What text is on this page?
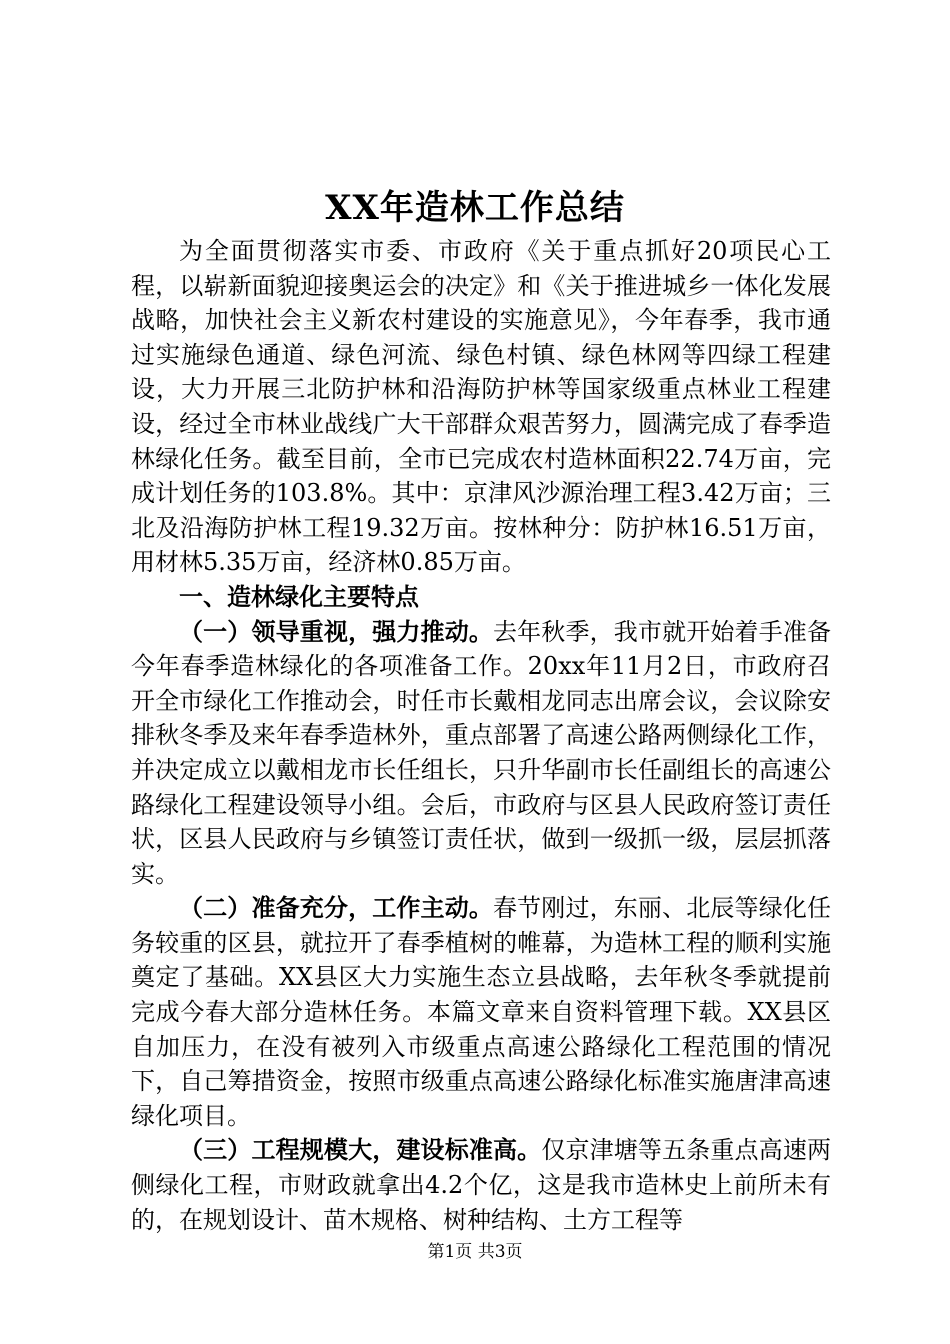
XX年造林工作总结

为全面贯彻落实市委、市政府《关于重点抓好20项民心工程，以崭新面貌迎接奥运会的决定》和《关于推进城乡一体化发展战略，加快社会主义新农村建设的实施意见》，今年春季，我市通过实施绿色通道、绿色河流、绿色村镇、绿色林网等四绿工程建设，大力开展三北防护林和沿海防护林等国家级重点林业工程建设，经过全市林业战线广大干部群众艰苦努力，圆满完成了春季造林绿化任务。截至目前，全市已完成农村造林面积22.74万亩，完成计划任务的103.8%。其中：京津风沙源治理工程3.42万亩；三北及沿海防护林工程19.32万亩。按林种分：防护林16.51万亩，用材林5.35万亩，经济林0.85万亩。

一、造林绿化主要特点

（一）领导重视，强力推动。去年秋季，我市就开始着手准备今年春季造林绿化的各项准备工作。20xx年11月2日，市政府召开全市绿化工作推动会，时任市长戴相龙同志出席会议，会议除安排秋冬季及来年春季造林外，重点部署了高速公路两侧绿化工作，并决定成立以戴相龙市长任组长，只升华副市长任副组长的高速公路绿化工程建设领导小组。会后，市政府与区县人民政府签订责任状，区县人民政府与乡镇签订责任状，做到一级抓一级，层层抓落实。

（二）准备充分，工作主动。春节刚过，东丽、北辰等绿化任务较重的区县，就拉开了春季植树的帷幕，为造林工程的顺利实施奠定了基础。XX县区大力实施生态立县战略，去年秋冬季就提前完成今春大部分造林任务。本篇文章来自资料管理下载。XX县区自加压力，在没有被列入市级重点高速公路绿化工程范围的情况下，自己筹措资金，按照市级重点高速公路绿化标准实施唐津高速绿化项目。

（三）工程规模大，建设标准高。仅京津塘等五条重点高速两侧绿化工程，市财政就拿出4.2个亿，这是我市造林史上前所未有的，在规划设计、苗木规格、树种结构、土方工程等

第1页 共3页
